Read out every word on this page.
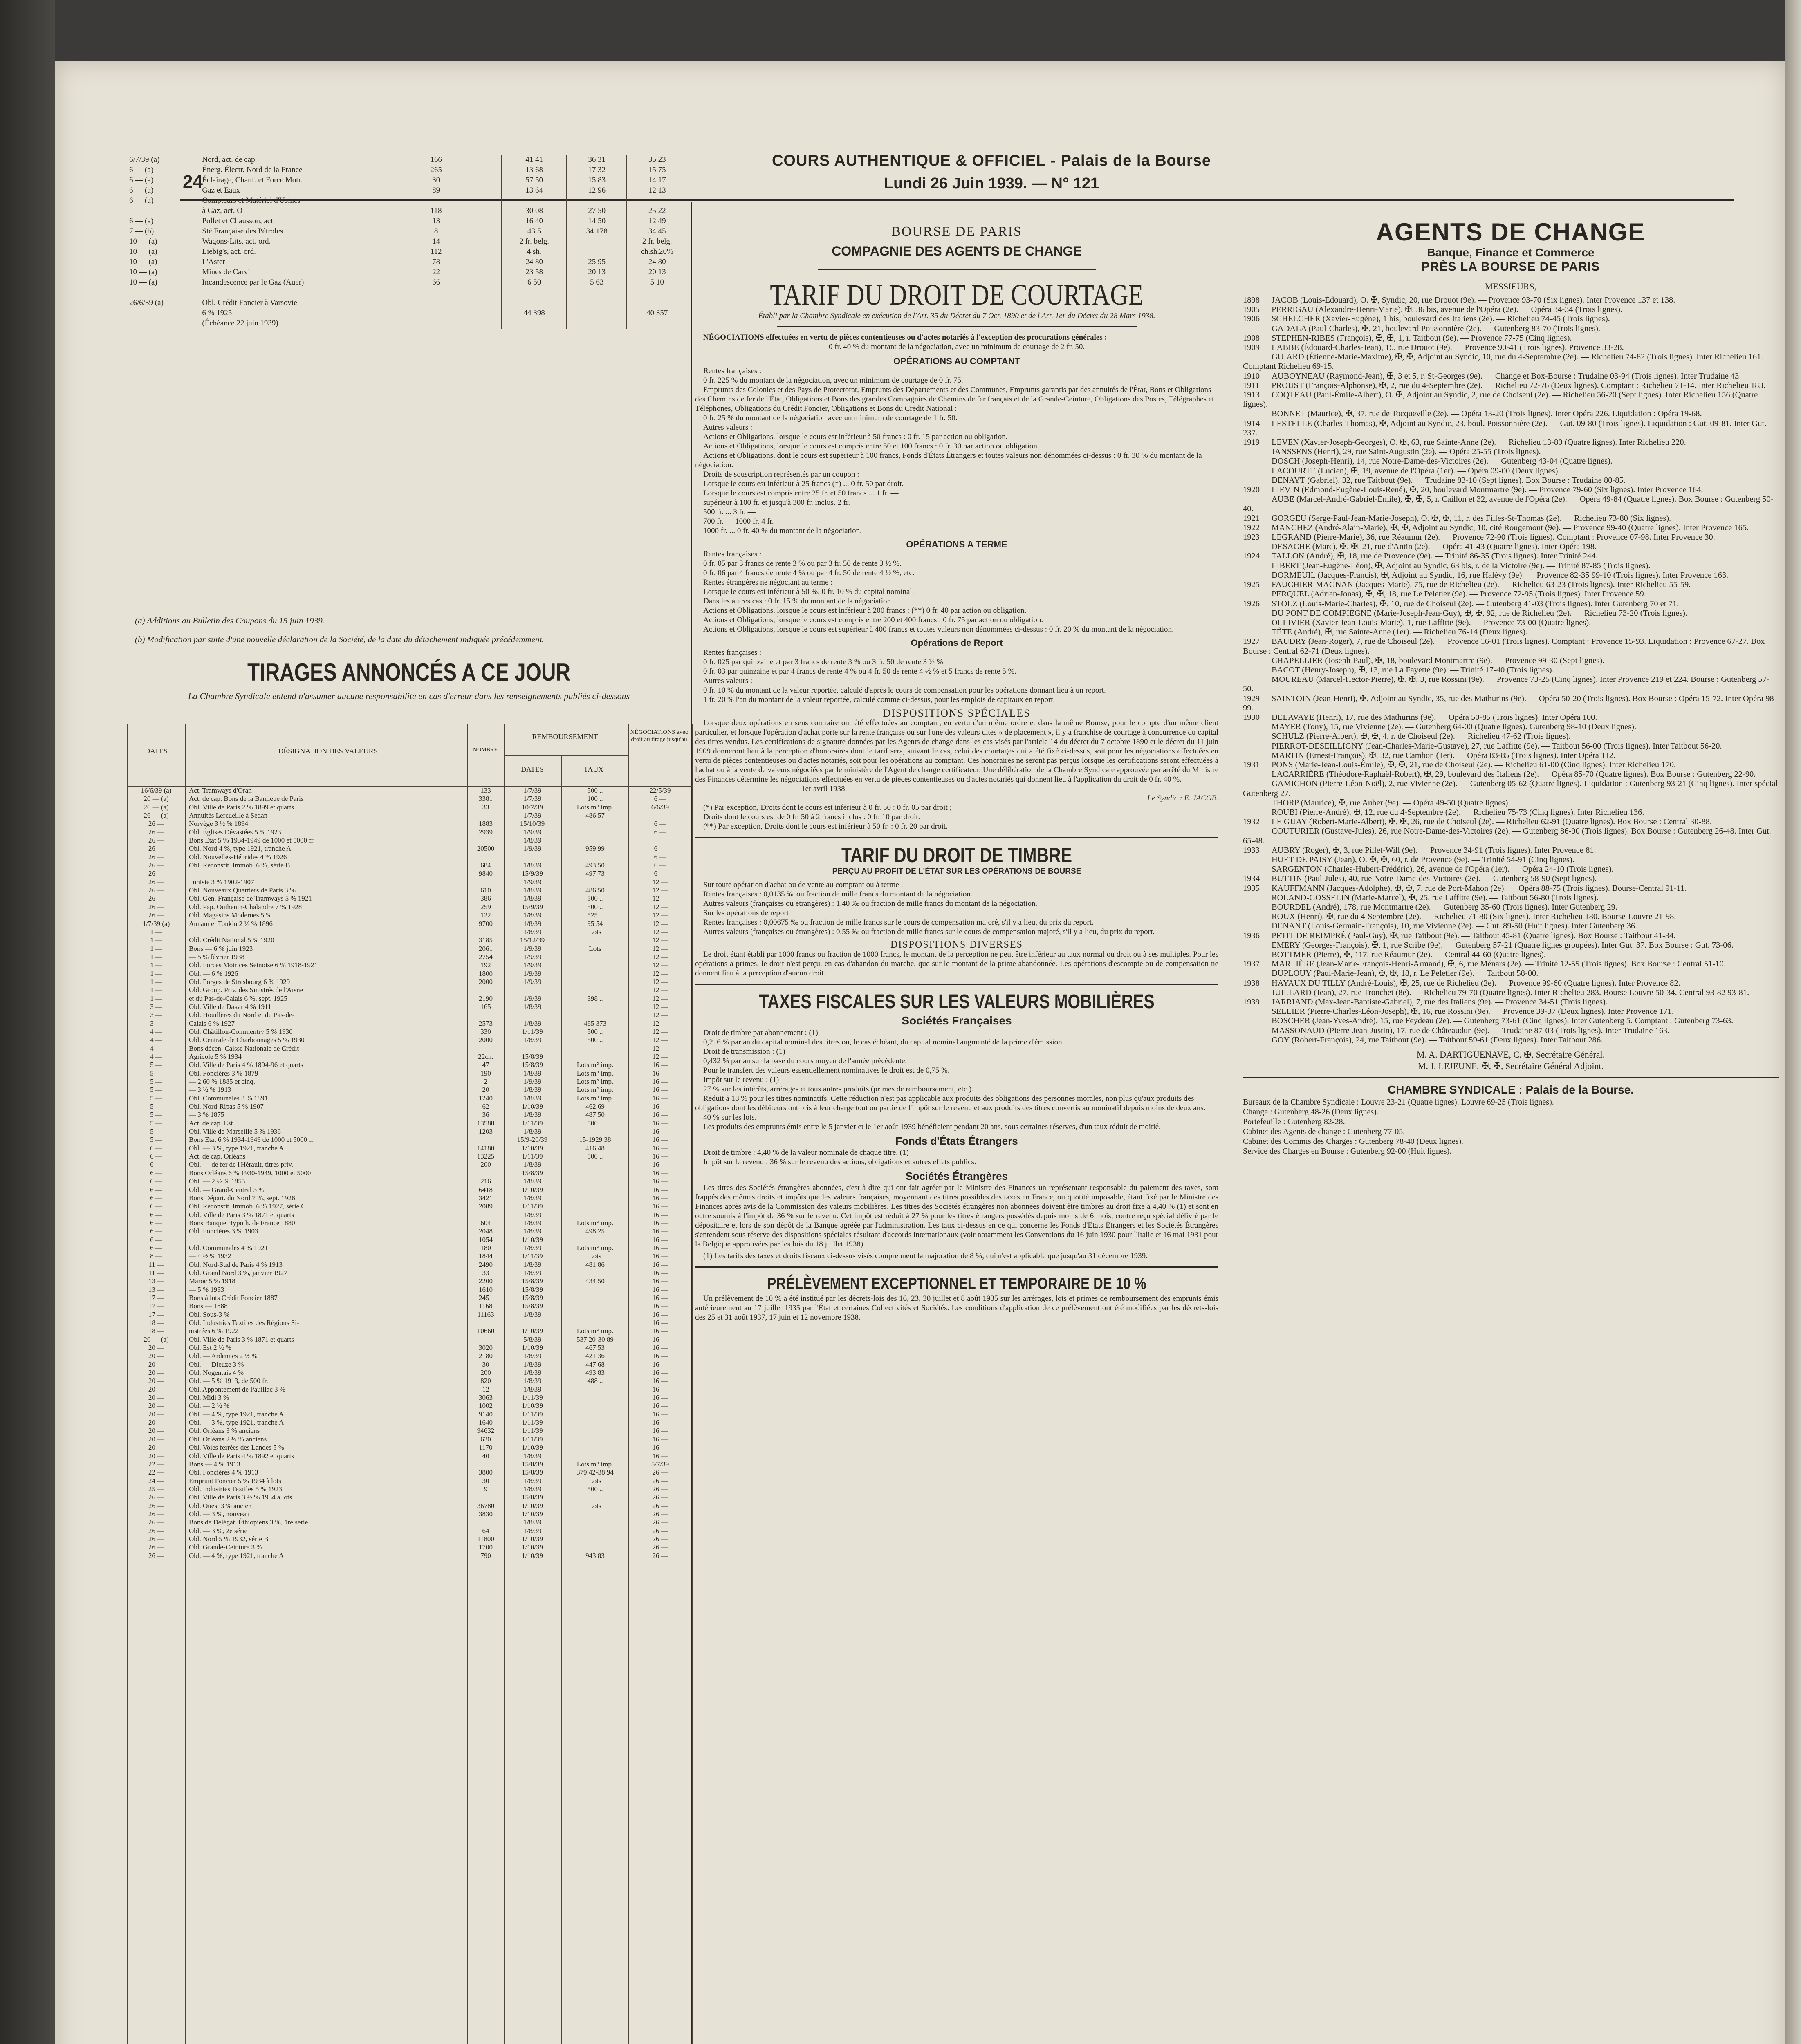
COURS AUTHENTIQUE & OFFICIEL - Palais de la Bourse
Lundi 26 Juin 1939. — N° 121
24
6/7/39 (a)	Nord, act. de cap.	166		41 41	36 31	35 23
6 — (a)	Énerg. Électr. Nord de la France	265		13 68	17 32	15 75
6 — (a)	Éclairage, Chauf. et Force Motr.	30		57 50	15 83	14 17
6 — (a)	Gaz et Eaux	89		13 64	12 96	12 13
6 — (a)	Compteurs et Matériel d'Usines					
	à Gaz, act. O	118		30 08	27 50	25 22
6 — (a)	Pollet et Chausson, act.	13		16 40	14 50	12 49
7 — (b)	Sté Française des Pétroles	8		43 5	34 178	34 45
10 — (a)	Wagons-Lits, act. ord.	14		2 fr. belg.		2 fr. belg.
10 — (a)	Liebig's, act. ord.	112		4 sh.		ch.sh.20%
10 — (a)	L'Aster	78		24 80	25 95	24 80
10 — (a)	Mines de Carvin	22		23 58	20 13	20 13
10 — (a)	Incandescence par le Gaz (Auer)	66		6 50	5 63	5 10

26/6/39 (a)	Obl. Crédit Foncier à Varsovie					
	6 % 1925			44 398		40 357
	(Échéance 22 juin 1939)					

(a) Additions au Bulletin des Coupons du 15 juin 1939.

(b) Modification par suite d'une nouvelle déclaration de la Société, de la date du détachement indiquée précédemment.

TIRAGES ANNONCÉS A CE JOUR
La Chambre Syndicale entend n'assumer aucune responsabilité en cas d'erreur dans les renseignements publiés ci-dessous
DATES	DÉSIGNATION DES VALEURS	NOMBRE
REMBOURSEMENT
DATES	TAUX
NÉGOCIATIONS avec droit au tirage jusqu'au
16/6/39 (a)	Act. Tramways d'Oran	133	1/7/39	500 ..	22/5/39
20 — (a)	Act. de cap. Bons de la Banlieue de Paris	3381	1/7/39	100 ..	6 —
26 — (a)	Obl. Ville de Paris 2 % 1899 et quarts	33	10/7/39	Lots m° imp.	6/6/39
26 — (a)	Annuités Lercueille à Sedan	1/7/39	486 57
26 —	Norvège 3 ½ % 1894	1883	15/10/39	6 —
26 —	Obl. Églises Dévastées 5 % 1923	2939	1/9/39	6 —
26 —	Bons Etat 5 % 1934-1949 de 1000 et 5000 fr.	1/8/39
26 —	Obl. Nord 4 %, type 1921, tranche A	20500	1/9/39	959 99	6 —
26 —	Obl. Nouvelles-Hébrides 4 % 1926	6 —
26 —	Obl. Reconstit. Immob. 6 %, série B	684	1/8/39	493 50	6 —
26 —	9840	15/9/39	497 73	6 —
26 —	Tunisie 3 % 1902-1907	1/9/39	12 —
26 —	Obl. Nouveaux Quartiers de Paris 3 %	610	1/8/39	486 50	12 —
26 —	Obl. Gén. Française de Tramways 5 % 1921	386	1/8/39	500 ..	12 —
26 —	Obl. Pap. Outhenin-Chalandre 7 % 1928	259	15/9/39	500 ..	12 —
26 —	Obl. Magasins Modernes 5 %	122	1/8/39	525 ..	12 —
1/7/39 (a)	Annam et Tonkin 2 ½ % 1896	9700	1/8/39	95 54	12 —
1 —	1/8/39	Lots	12 —
1 —	Obl. Crédit National 5 % 1920	3185	15/12/39	12 —
1 —	Bons — 6 % juin 1923	2061	1/9/39	Lots	12 —
1 —	— 5 % février 1938	2754	1/9/39	12 —
1 —	Obl. Forces Motrices Seinoise 6 % 1918-1921	192	1/9/39	12 —
1 —	Obl. — 6 % 1926	1800	1/9/39	12 —
1 —	Obl. Forges de Strasbourg 6 % 1929	2000	1/9/39	12 —
1 —	Obl. Group. Priv. des Sinistrés de l'Aisne	12 —
1 —	et du Pas-de-Calais 6 %, sept. 1925	2190	1/9/39	398 ..	12 —
3 —	Obl. Ville de Dakar 4 % 1911	165	1/8/39	12 —
3 —	Obl. Houillères du Nord et du Pas-de-	12 —
3 —	Calais 6 % 1927	2573	1/8/39	485 373	12 —
4 —	Obl. Châtillon-Commentry 5 % 1930	330	1/11/39	500 ..	12 —
4 —	Obl. Centrale de Charbonnages 5 % 1930	2000	1/8/39	500 ..	12 —
4 —	Bons décen. Caisse Nationale de Crédit	12 —
4 —	Agricole 5 % 1934	22ch.	15/8/39	12 —
5 —	Obl. Ville de Paris 4 % 1894-96 et quarts	47	15/8/39	Lots m° imp.	16 —
5 —	Obl. Foncières 3 % 1879	190	1/8/39	Lots m° imp.	16 —
5 —	— 2.60 % 1885 et cinq.	2	1/9/39	Lots m° imp.	16 —
5 —	— 3 ½ % 1913	20	1/8/39	Lots m° imp.	16 —
5 —	Obl. Communales 3 % 1891	1240	1/8/39	Lots m° imp.	16 —
5 —	Obl. Nord-Ripas 5 % 1907	62	1/10/39	462 69	16 —
5 —	— 3 % 1875	36	1/8/39	487 50	16 —
5 —	Act. de cap. Est	13588	1/11/39	500 ..	16 —
5 —	Obl. Ville de Marseille 5 % 1936	1203	1/8/39	16 —
5 —	Bons Etat 6 % 1934-1949 de 1000 et 5000 fr.	15/9-20/39	15-1929 38	16 —
6 —	Obl. — 3 %, type 1921, tranche A	14180	1/10/39	416 48	16 —
6 —	Act. de cap. Orléans	13225	1/11/39	500 ..	16 —
6 —	Obl. — de fer de l'Hérault, titres priv.	200	1/8/39	16 —
6 —	Bons Orléans 6 % 1930-1949, 1000 et 5000	15/8/39	16 —
6 —	Obl. — 2 ½ % 1855	216	1/8/39	16 —
6 —	Obl. — Grand-Central 3 %	6418	1/10/39	16 —
6 —	Bons Départ. du Nord 7 %, sept. 1926	3421	1/8/39	16 —
6 —	Obl. Reconstit. Immob. 6 % 1927, série C	2089	1/11/39	16 —
6 —	Obl. Ville de Paris 3 % 1871 et quarts	1/8/39	16 —
6 —	Bons Banque Hypoth. de France 1880	604	1/8/39	Lots m° imp.	16 —
6 —	Obl. Foncières 3 % 1903	2048	1/8/39	498 25	16 —
6 —	1054	1/10/39	16 —
6 —	Obl. Communales 4 % 1921	180	1/8/39	Lots m° imp.	16 —
8 —	— 4 ½ % 1932	1844	1/11/39	Lots	16 —
11 —	Obl. Nord-Sud de Paris 4 % 1913	2490	1/8/39	481 86	16 —
11 —	Obl. Grand Nord 3 %, janvier 1927	33	1/8/39	16 —
13 —	Maroc 5 % 1918	2200	15/8/39	434 50	16 —
13 —	— 5 % 1933	1610	15/8/39	16 —
17 —	Bons à lots Crédit Foncier 1887	2451	15/8/39	16 —
17 —	Bons — 1888	1168	15/8/39	16 —
17 —	Obl. Sous-3 %	11163	1/8/39	16 —
18 —	Obl. Industries Textiles des Régions Si-	16 —
18 —	nistrées 6 % 1922	10660	1/10/39	Lots m° imp.	16 —
20 — (a)	Obl. Ville de Paris 3 % 1871 et quarts	5/8/39	537 20-30 89	16 —
20 —	Obl. Est 2 ½ %	3020	1/10/39	467 53	16 —
20 —	Obl. — Ardennes 2 ½ %	2180	1/8/39	421 36	16 —
20 —	Obl. — Dieuze 3 %	30	1/8/39	447 68	16 —
20 —	Obl. Nogentais 4 %	200	1/8/39	493 83	16 —
20 —	Obl. — 5 % 1913, de 500 fr.	820	1/8/39	488 ..	16 —
20 —	Obl. Appontement de Pauillac 3 %	12	1/8/39	16 —
20 —	Obl. Midi 3 %	3063	1/11/39	16 —
20 —	Obl. — 2 ½ %	1002	1/10/39	16 —
20 —	Obl. — 4 %, type 1921, tranche A	9140	1/11/39	16 —
20 —	Obl. — 3 %, type 1921, tranche A	1640	1/11/39	16 —
20 —	Obl. Orléans 3 % anciens	94632	1/11/39	16 —
20 —	Obl. Orléans 2 ½ % anciens	630	1/11/39	16 —
20 —	Obl. Voies ferrées des Landes 5 %	1170	1/10/39	16 —
20 —	Obl. Ville de Paris 4 % 1892 et quarts	40	1/8/39	16 —
22 —	Bons — 4 % 1913	15/8/39	Lots m° imp.	5/7/39
22 —	Obl. Foncières 4 % 1913	3800	15/8/39	379 42-38 94	26 —
24 —	Emprunt Foncier 5 % 1934 à lots	30	1/8/39	Lots	26 —
25 —	Obl. Industries Textiles 5 % 1923	9	1/8/39	500 ..	26 —
26 —	Obl. Ville de Paris 3 ½ % 1934 à lots	15/8/39	26 —
26 —	Obl. Ouest 3 % ancien	36780	1/10/39	Lots	26 —
26 —	Obl. — 3 %, nouveau	3830	1/10/39	26 —
26 —	Bons de Délégat. Éthiopiens 3 %, 1re série	1/8/39	26 —
26 —	Obl. — 3 %, 2e série	64	1/8/39	26 —
26 —	Obl. Nord 5 % 1932, série B	11800	1/10/39	26 —
26 —	Obl. Grande-Ceinture 3 %	1700	1/10/39	26 —
26 —	Obl. — 4 %, type 1921, tranche A	790	1/10/39	943 83	26 —

BOURSE DE PARIS

COMPAGNIE DES AGENTS DE CHANGE

TARIF DU DROIT DE COURTAGE

Établi par la Chambre Syndicale en exécution de l'Art. 35 du Décret du 7 Oct. 1890 et de l'Art. 1er du Décret du 28 Mars 1938.

NÉGOCIATIONS effectuées en vertu de pièces contentieuses ou d'actes notariés à l'exception des procurations générales :

0 fr. 40 % du montant de la négociation, avec un minimum de courtage de 2 fr. 50.

OPÉRATIONS AU COMPTANT

Rentes françaises :

0 fr. 225 % du montant de la négociation, avec un minimum de courtage de 0 fr. 75.

Emprunts des Colonies et des Pays de Protectorat, Emprunts des Départements et des Communes, Emprunts garantis par des annuités de l'État, Bons et Obligations des Chemins de fer de l'État, Obligations et Bons des grandes Compagnies de Chemins de fer français et de la Grande-Ceinture, Obligations des Postes, Télégraphes et Téléphones, Obligations du Crédit Foncier, Obligations et Bons du Crédit National :

0 fr. 25 % du montant de la négociation avec un minimum de courtage de 1 fr. 50.

Autres valeurs :

Actions et Obligations, lorsque le cours est inférieur à 50 francs : 0 fr. 15 par action ou obligation.

Actions et Obligations, lorsque le cours est compris entre 50 et 100 francs : 0 fr. 30 par action ou obligation.

Actions et Obligations, dont le cours est supérieur à 100 francs, Fonds d'États Étrangers et toutes valeurs non dénommées ci-dessus : 0 fr. 30 % du montant de la négociation.

Droits de souscription représentés par un coupon :

Lorsque le cours est inférieur à 25 francs (*) ... 0 fr. 50 par droit.

Lorsque le cours est compris entre 25 fr. et 50 francs ... 1 fr. —

supérieur à 100 fr. et jusqu'à 300 fr. inclus. 2 fr. —

500 fr. ... 3 fr. —

700 fr. — 1000 fr. 4 fr. —

1000 fr. ... 0 fr. 40 % du montant de la négociation.

OPÉRATIONS A TERME

Rentes françaises :

0 fr. 05 par 3 francs de rente 3 % ou par 3 fr. 50 de rente 3 ½ %.

0 fr. 06 par 4 francs de rente 4 % ou par 4 fr. 50 de rente 4 ½ %, etc.

Rentes étrangères ne négociant au terme :

Lorsque le cours est inférieur à 50 %. 0 fr. 10 % du capital nominal.

Dans les autres cas : 0 fr. 15 % du montant de la négociation.

Actions et Obligations, lorsque le cours est inférieur à 200 francs : (**) 0 fr. 40 par action ou obligation.

Actions et Obligations, lorsque le cours est compris entre 200 et 400 francs : 0 fr. 75 par action ou obligation.

Actions et Obligations, lorsque le cours est supérieur à 400 francs et toutes valeurs non dénommées ci-dessus : 0 fr. 20 % du montant de la négociation.

Opérations de Report

Rentes françaises :

0 fr. 025 par quinzaine et par 3 francs de rente 3 % ou 3 fr. 50 de rente 3 ½ %.

0 fr. 03 par quinzaine et par 4 francs de rente 4 % ou 4 fr. 50 de rente 4 ½ % et 5 francs de rente 5 %.

Autres valeurs :

0 fr. 10 % du montant de la valeur reportée, calculé d'après le cours de compensation pour les opérations donnant lieu à un report.

1 fr. 20 % l'an du montant de la valeur reportée, calculé comme ci-dessus, pour les emplois de capitaux en report.

DISPOSITIONS SPÉCIALES

Lorsque deux opérations en sens contraire ont été effectuées au comptant, en vertu d'un même ordre et dans la même Bourse, pour le compte d'un même client particulier, et lorsque l'opération d'achat porte sur la rente française ou sur l'une des valeurs dites « de placement », il y a franchise de courtage à concurrence du capital des titres vendus. Les certifications de signature données par les Agents de change dans les cas visés par l'article 14 du décret du 7 octobre 1890 et le décret du 11 juin 1909 donneront lieu à la perception d'honoraires dont le tarif sera, suivant le cas, celui des courtages qui a été fixé ci-dessus, soit pour les négociations effectuées en vertu de pièces contentieuses ou d'actes notariés, soit pour les opérations au comptant. Ces honoraires ne seront pas perçus lorsque les certifications seront effectuées à l'achat ou à la vente de valeurs négociées par le ministère de l'Agent de change certificateur. Une délibération de la Chambre Syndicale approuvée par arrêté du Ministre des Finances détermine les négociations effectuées en vertu de pièces contentieuses ou d'actes notariés qui donnent lieu à l'application du droit de 0 fr. 40 %.

1er avril 1938.

Le Syndic : E. JACOB.

(*) Par exception, Droits dont le cours est inférieur à 0 fr. 50 : 0 fr. 05 par droit ;

Droits dont le cours est de 0 fr. 50 à 2 francs inclus : 0 fr. 10 par droit.

(**) Par exception, Droits dont le cours est inférieur à 50 fr. : 0 fr. 20 par droit.

TARIF DU DROIT DE TIMBRE

PERÇU AU PROFIT DE L'ÉTAT SUR LES OPÉRATIONS DE BOURSE

Sur toute opération d'achat ou de vente au comptant ou à terme :

Rentes françaises : 0,0135 ‰ ou fraction de mille francs du montant de la négociation.

Autres valeurs (françaises ou étrangères) : 1,40 ‰ ou fraction de mille francs du montant de la négociation.

Sur les opérations de report

Rentes françaises : 0,00675 ‰ ou fraction de mille francs sur le cours de compensation majoré, s'il y a lieu, du prix du report.

Autres valeurs (françaises ou étrangères) : 0,55 ‰ ou fraction de mille francs sur le cours de compensation majoré, s'il y a lieu, du prix du report.

DISPOSITIONS DIVERSES

Le droit étant établi par 1000 francs ou fraction de 1000 francs, le montant de la perception ne peut être inférieur au taux normal ou droit ou à ses multiples. Pour les opérations à primes, le droit n'est perçu, en cas d'abandon du marché, que sur le montant de la prime abandonnée. Les opérations d'escompte ou de compensation ne donnent lieu à la perception d'aucun droit.

TAXES FISCALES SUR LES VALEURS MOBILIÈRES

Sociétés Françaises

Droit de timbre par abonnement : (1)

0,216 % par an du capital nominal des titres ou, le cas échéant, du capital nominal augmenté de la prime d'émission.

Droit de transmission : (1)

0,432 % par an sur la base du cours moyen de l'année précédente.

Pour le transfert des valeurs essentiellement nominatives le droit est de 0,75 %.

Impôt sur le revenu : (1)

27 % sur les intérêts, arrérages et tous autres produits (primes de remboursement, etc.).

Réduit à 18 % pour les titres nominatifs. Cette réduction n'est pas applicable aux produits des obligations des personnes morales, non plus qu'aux produits des obligations dont les débiteurs ont pris à leur charge tout ou partie de l'impôt sur le revenu et aux produits des titres convertis au nominatif depuis moins de deux ans.

40 % sur les lots.

Les produits des emprunts émis entre le 5 janvier et le 1er août 1939 bénéficient pendant 20 ans, sous certaines réserves, d'un taux réduit de moitié.

Fonds d'États Étrangers

Droit de timbre : 4,40 % de la valeur nominale de chaque titre. (1)

Impôt sur le revenu : 36 % sur le revenu des actions, obligations et autres effets publics.

Sociétés Étrangères

Les titres des Sociétés étrangères abonnées, c'est-à-dire qui ont fait agréer par le Ministre des Finances un représentant responsable du paiement des taxes, sont frappés des mêmes droits et impôts que les valeurs françaises, moyennant des titres possibles des taxes en France, ou quotité imposable, étant fixé par le Ministre des Finances après avis de la Commission des valeurs mobilières. Les titres des Sociétés étrangères non abonnées doivent être timbrés au droit fixe à 4,40 % (1) et sont en outre soumis à l'impôt de 36 % sur le revenu. Cet impôt est réduit à 27 % pour les titres étrangers possédés depuis moins de 6 mois, contre reçu spécial délivré par le dépositaire et lors de son dépôt de la Banque agréée par l'administration. Les taux ci-dessus en ce qui concerne les Fonds d'États Étrangers et les Sociétés Étrangères s'entendent sous réserve des dispositions spéciales résultant d'accords internationaux (voir notamment les Conventions du 16 juin 1930 pour l'Italie et 16 mai 1931 pour la Belgique approuvées par les lois du 18 juillet 1938).

(1) Les tarifs des taxes et droits fiscaux ci-dessus visés comprennent la majoration de 8 %, qui n'est applicable que jusqu'au 31 décembre 1939.

PRÉLÈVEMENT EXCEPTIONNEL ET TEMPORAIRE DE 10 %

Un prélèvement de 10 % a été institué par les décrets-lois des 16, 23, 30 juillet et 8 août 1935 sur les arrérages, lots et primes de remboursement des emprunts émis antérieurement au 17 juillet 1935 par l'État et certaines Collectivités et Sociétés. Les conditions d'application de ce prélèvement ont été modifiées par les décrets-lois des 25 et 31 août 1937, 17 juin et 12 novembre 1938.

AGENTS DE CHANGE

Banque, Finance et Commerce

PRÈS LA BOURSE DE PARIS

MESSIEURS,

1898 JACOB (Louis-Édouard), O. ✠, Syndic, 20, rue Drouot (9e). — Provence 93-70 (Six lignes). Inter Provence 137 et 138.

1905 PERRIGAU (Alexandre-Henri-Marie), ✠, 36 bis, avenue de l'Opéra (2e). — Opéra 34-34 (Trois lignes).

1906 SCHELCHER (Xavier-Eugène), 1 bis, boulevard des Italiens (2e). — Richelieu 74-45 (Trois lignes).

GADALA (Paul-Charles), ✠, 21, boulevard Poissonnière (2e). — Gutenberg 83-70 (Trois lignes).

1908 STEPHEN-RIBES (François), ✠, ✠, 1, r. Taitbout (9e). — Provence 77-75 (Cinq lignes).

1909 LABBE (Édouard-Charles-Jean), 15, rue Drouot (9e). — Provence 90-41 (Trois lignes). Provence 33-28.

GUIARD (Étienne-Marie-Maxime), ✠, ✠, Adjoint au Syndic, 10, rue du 4-Septembre (2e). — Richelieu 74-82 (Trois lignes). Inter Richelieu 161. Comptant Richelieu 69-15.

1910 AUBOYNEAU (Raymond-Jean), ✠, 3 et 5, r. St-Georges (9e). — Change et Box-Bourse : Trudaine 03-94 (Trois lignes). Inter Trudaine 43.

1911 PROUST (François-Alphonse), ✠, 2, rue du 4-Septembre (2e). — Richelieu 72-76 (Deux lignes). Comptant : Richelieu 71-14. Inter Richelieu 183.

1913 COQTEAU (Paul-Émile-Albert), O. ✠, Adjoint au Syndic, 2, rue de Choiseul (2e). — Richelieu 56-20 (Sept lignes). Inter Richelieu 156 (Quatre lignes).

BONNET (Maurice), ✠, 37, rue de Tocqueville (2e). — Opéra 13-20 (Trois lignes). Inter Opéra 226. Liquidation : Opéra 19-68.

1914 LESTELLE (Charles-Thomas), ✠, Adjoint au Syndic, 23, boul. Poissonnière (2e). — Gut. 09-80 (Trois lignes). Liquidation : Gut. 09-81. Inter Gut. 237.

1919 LEVEN (Xavier-Joseph-Georges), O. ✠, 63, rue Sainte-Anne (2e). — Richelieu 13-80 (Quatre lignes). Inter Richelieu 220.

JANSSENS (Henri), 29, rue Saint-Augustin (2e). — Opéra 25-55 (Trois lignes).

DOSCH (Joseph-Henri), 14, rue Notre-Dame-des-Victoires (2e). — Gutenberg 43-04 (Quatre lignes).

LACOURTE (Lucien), ✠, 19, avenue de l'Opéra (1er). — Opéra 09-00 (Deux lignes).

DENAYT (Gabriel), 32, rue Taitbout (9e). — Trudaine 83-10 (Sept lignes). Box Bourse : Trudaine 80-85.

1920 LIEVIN (Edmond-Eugène-Louis-René), ✠, 20, boulevard Montmartre (9e). — Provence 79-60 (Six lignes). Inter Provence 164.

AUBE (Marcel-André-Gabriel-Émile), ✠, ✠, 5, r. Caillon et 32, avenue de l'Opéra (2e). — Opéra 49-84 (Quatre lignes). Box Bourse : Gutenberg 50-40.

1921 GORGEU (Serge-Paul-Jean-Marie-Joseph), O. ✠, ✠, 11, r. des Filles-St-Thomas (2e). — Richelieu 73-80 (Six lignes).

1922 MANCHEZ (André-Alain-Marie), ✠, ✠, Adjoint au Syndic, 10, cité Rougemont (9e). — Provence 99-40 (Quatre lignes). Inter Provence 165.

1923 LEGRAND (Pierre-Marie), 36, rue Réaumur (2e). — Provence 72-90 (Trois lignes). Comptant : Provence 07-98. Inter Provence 30.

DESACHE (Marc), ✠, ✠, 21, rue d'Antin (2e). — Opéra 41-43 (Quatre lignes). Inter Opéra 198.

1924 TALLON (André), ✠, 18, rue de Provence (9e). — Trinité 86-35 (Trois lignes). Inter Trinité 244.

LIBERT (Jean-Eugène-Léon), ✠, Adjoint au Syndic, 63 bis, r. de la Victoire (9e). — Trinité 87-85 (Trois lignes).

DORMEUIL (Jacques-Francis), ✠, Adjoint au Syndic, 16, rue Halévy (9e). — Provence 82-35 99-10 (Trois lignes). Inter Provence 163.

1925 FAUCHIER-MAGNAN (Jacques-Marie), 75, rue de Richelieu (2e). — Richelieu 63-23 (Trois lignes). Inter Richelieu 55-59.

PERQUEL (Adrien-Jonas), ✠, ✠, 18, rue Le Peletier (9e). — Provence 72-95 (Trois lignes). Inter Provence 59.

1926 STOLZ (Louis-Marie-Charles), ✠, 10, rue de Choiseul (2e). — Gutenberg 41-03 (Trois lignes). Inter Gutenberg 70 et 71.

DU PONT DE COMPIÈGNE (Marie-Joseph-Jean-Guy), ✠, ✠, 92, rue de Richelieu (2e). — Richelieu 73-20 (Trois lignes).

OLLIVIER (Xavier-Jean-Louis-Marie), 1, rue Laffitte (9e). — Provence 73-00 (Quatre lignes).

TÊTE (André), ✠, rue Sainte-Anne (1er). — Richelieu 76-14 (Deux lignes).

1927 BAUDRY (Jean-Roger), 7, rue de Choiseul (2e). — Provence 16-01 (Trois lignes). Comptant : Provence 15-93. Liquidation : Provence 67-27. Box Bourse : Central 62-71 (Deux lignes).

CHAPELLIER (Joseph-Paul), ✠, 18, boulevard Montmartre (9e). — Provence 99-30 (Sept lignes).

BACOT (Henry-Joseph), ✠, 13, rue La Fayette (9e). — Trinité 17-40 (Trois lignes).

MOUREAU (Marcel-Hector-Pierre), ✠, ✠, 3, rue Rossini (9e). — Provence 73-25 (Cinq lignes). Inter Provence 219 et 224. Bourse : Gutenberg 57-50.

1929 SAINTOIN (Jean-Henri), ✠, Adjoint au Syndic, 35, rue des Mathurins (9e). — Opéra 50-20 (Trois lignes). Box Bourse : Opéra 15-72. Inter Opéra 98-99.

1930 DELAVAYE (Henri), 17, rue des Mathurins (9e). — Opéra 50-85 (Trois lignes). Inter Opéra 100.

MAYER (Tony), 15, rue Vivienne (2e). — Gutenberg 64-00 (Quatre lignes). Gutenberg 98-10 (Deux lignes).

SCHULZ (Pierre-Albert), ✠, ✠, 4, r. de Choiseul (2e). — Richelieu 47-62 (Trois lignes).

PIERROT-DESEILLIGNY (Jean-Charles-Marie-Gustave), 27, rue Laffitte (9e). — Taitbout 56-00 (Trois lignes). Inter Taitbout 56-20.

MARTIN (Ernest-François), ✠, 32, rue Cambon (1er). — Opéra 83-85 (Trois lignes). Inter Opéra 112.

1931 PONS (Marie-Jean-Louis-Émile), ✠, ✠, 21, rue de Choiseul (2e). — Richelieu 61-00 (Cinq lignes). Inter Richelieu 170.

LACARRIÈRE (Théodore-Raphaël-Robert), ✠, 29, boulevard des Italiens (2e). — Opéra 85-70 (Quatre lignes). Box Bourse : Gutenberg 22-90.

GAMICHON (Pierre-Léon-Noël), 2, rue Vivienne (2e). — Gutenberg 05-62 (Quatre lignes). Liquidation : Gutenberg 93-21 (Cinq lignes). Inter spécial Gutenberg 27.

THORP (Maurice), ✠, rue Auber (9e). — Opéra 49-50 (Quatre lignes).

ROUBI (Pierre-André), ✠, 12, rue du 4-Septembre (2e). — Richelieu 75-73 (Cinq lignes). Inter Richelieu 136.

1932 LE GUAY (Robert-Marie-Albert), ✠, ✠, 26, rue de Choiseul (2e). — Richelieu 62-91 (Quatre lignes). Box Bourse : Central 30-88.

COUTURIER (Gustave-Jules), 26, rue Notre-Dame-des-Victoires (2e). — Gutenberg 86-90 (Trois lignes). Box Bourse : Gutenberg 26-48. Inter Gut. 65-48.

1933 AUBRY (Roger), ✠, 3, rue Pillet-Will (9e). — Provence 34-91 (Trois lignes). Inter Provence 81.

HUET DE PAISY (Jean), O. ✠, ✠, 60, r. de Provence (9e). — Trinité 54-91 (Cinq lignes).

SARGENTON (Charles-Hubert-Frédéric), 26, avenue de l'Opéra (1er). — Opéra 24-10 (Trois lignes).

1934 BUTTIN (Paul-Jules), 40, rue Notre-Dame-des-Victoires (2e). — Gutenberg 58-90 (Sept lignes).

1935 KAUFFMANN (Jacques-Adolphe), ✠, ✠, 7, rue de Port-Mahon (2e). — Opéra 88-75 (Trois lignes). Bourse-Central 91-11.

ROLAND-GOSSELIN (Marie-Marcel), ✠, 25, rue Laffitte (9e). — Taitbout 56-80 (Trois lignes).

BOURDEL (André), 178, rue Montmartre (2e). — Gutenberg 35-60 (Trois lignes). Inter Gutenberg 29.

ROUX (Henri), ✠, rue du 4-Septembre (2e). — Richelieu 71-80 (Six lignes). Inter Richelieu 180. Bourse-Louvre 21-98.

DENANT (Louis-Germain-François), 10, rue Vivienne (2e). — Gut. 89-50 (Huit lignes). Inter Gutenberg 36.

1936 PETIT DE REIMPRÉ (Paul-Guy), ✠, rue Taitbout (9e). — Taitbout 45-81 (Quatre lignes). Box Bourse : Taitbout 41-34.

EMERY (Georges-François), ✠, 1, rue Scribe (9e). — Gutenberg 57-21 (Quatre lignes groupées). Inter Gut. 37. Box Bourse : Gut. 73-06.

BOTTMER (Pierre), ✠, 117, rue Réaumur (2e). — Central 44-60 (Quatre lignes).

1937 MARLIÈRE (Jean-Marie-François-Henri-Armand), ✠, 6, rue Ménars (2e). — Trinité 12-55 (Trois lignes). Box Bourse : Central 51-10.

DUPLOUY (Paul-Marie-Jean), ✠, ✠, 18, r. Le Peletier (9e). — Taitbout 58-00.

1938 HAYAUX DU TILLY (André-Louis), ✠, 25, rue de Richelieu (2e). — Provence 99-60 (Quatre lignes). Inter Provence 82.

JUILLARD (Jean), 27, rue Tronchet (8e). — Richelieu 79-70 (Quatre lignes). Inter Richelieu 283. Bourse Louvre 50-34. Central 93-82 93-81.

1939 JARRIAND (Max-Jean-Baptiste-Gabriel), 7, rue des Italiens (9e). — Provence 34-51 (Trois lignes).

SELLIER (Pierre-Charles-Léon-Joseph), ✠, 16, rue Rossini (9e). — Provence 39-37 (Deux lignes). Inter Provence 171.

BOSCHER (Jean-Yves-André), 15, rue Feydeau (2e). — Gutenberg 73-61 (Cinq lignes). Inter Gutenberg 5. Comptant : Gutenberg 73-63.

MASSONAUD (Pierre-Jean-Justin), 17, rue de Châteaudun (9e). — Trudaine 87-03 (Trois lignes). Inter Trudaine 163.

GOY (Robert-François), 24, rue Taitbout (9e). — Taitbout 59-61 (Deux lignes). Inter Taitbout 286.

M. A. DARTIGUENAVE, C. ✠, Secrétaire Général.

M. J. LEJEUNE, ✠, ✠, Secrétaire Général Adjoint.

CHAMBRE SYNDICALE : Palais de la Bourse.

Bureaux de la Chambre Syndicale : Louvre 23-21 (Quatre lignes). Louvre 69-25 (Trois lignes).

Change : Gutenberg 48-26 (Deux lignes).

Portefeuille : Gutenberg 82-28.

Cabinet des Agents de change : Gutenberg 77-05.

Cabinet des Commis des Charges : Gutenberg 78-40 (Deux lignes).

Service des Charges en Bourse : Gutenberg 92-00 (Huit lignes).
